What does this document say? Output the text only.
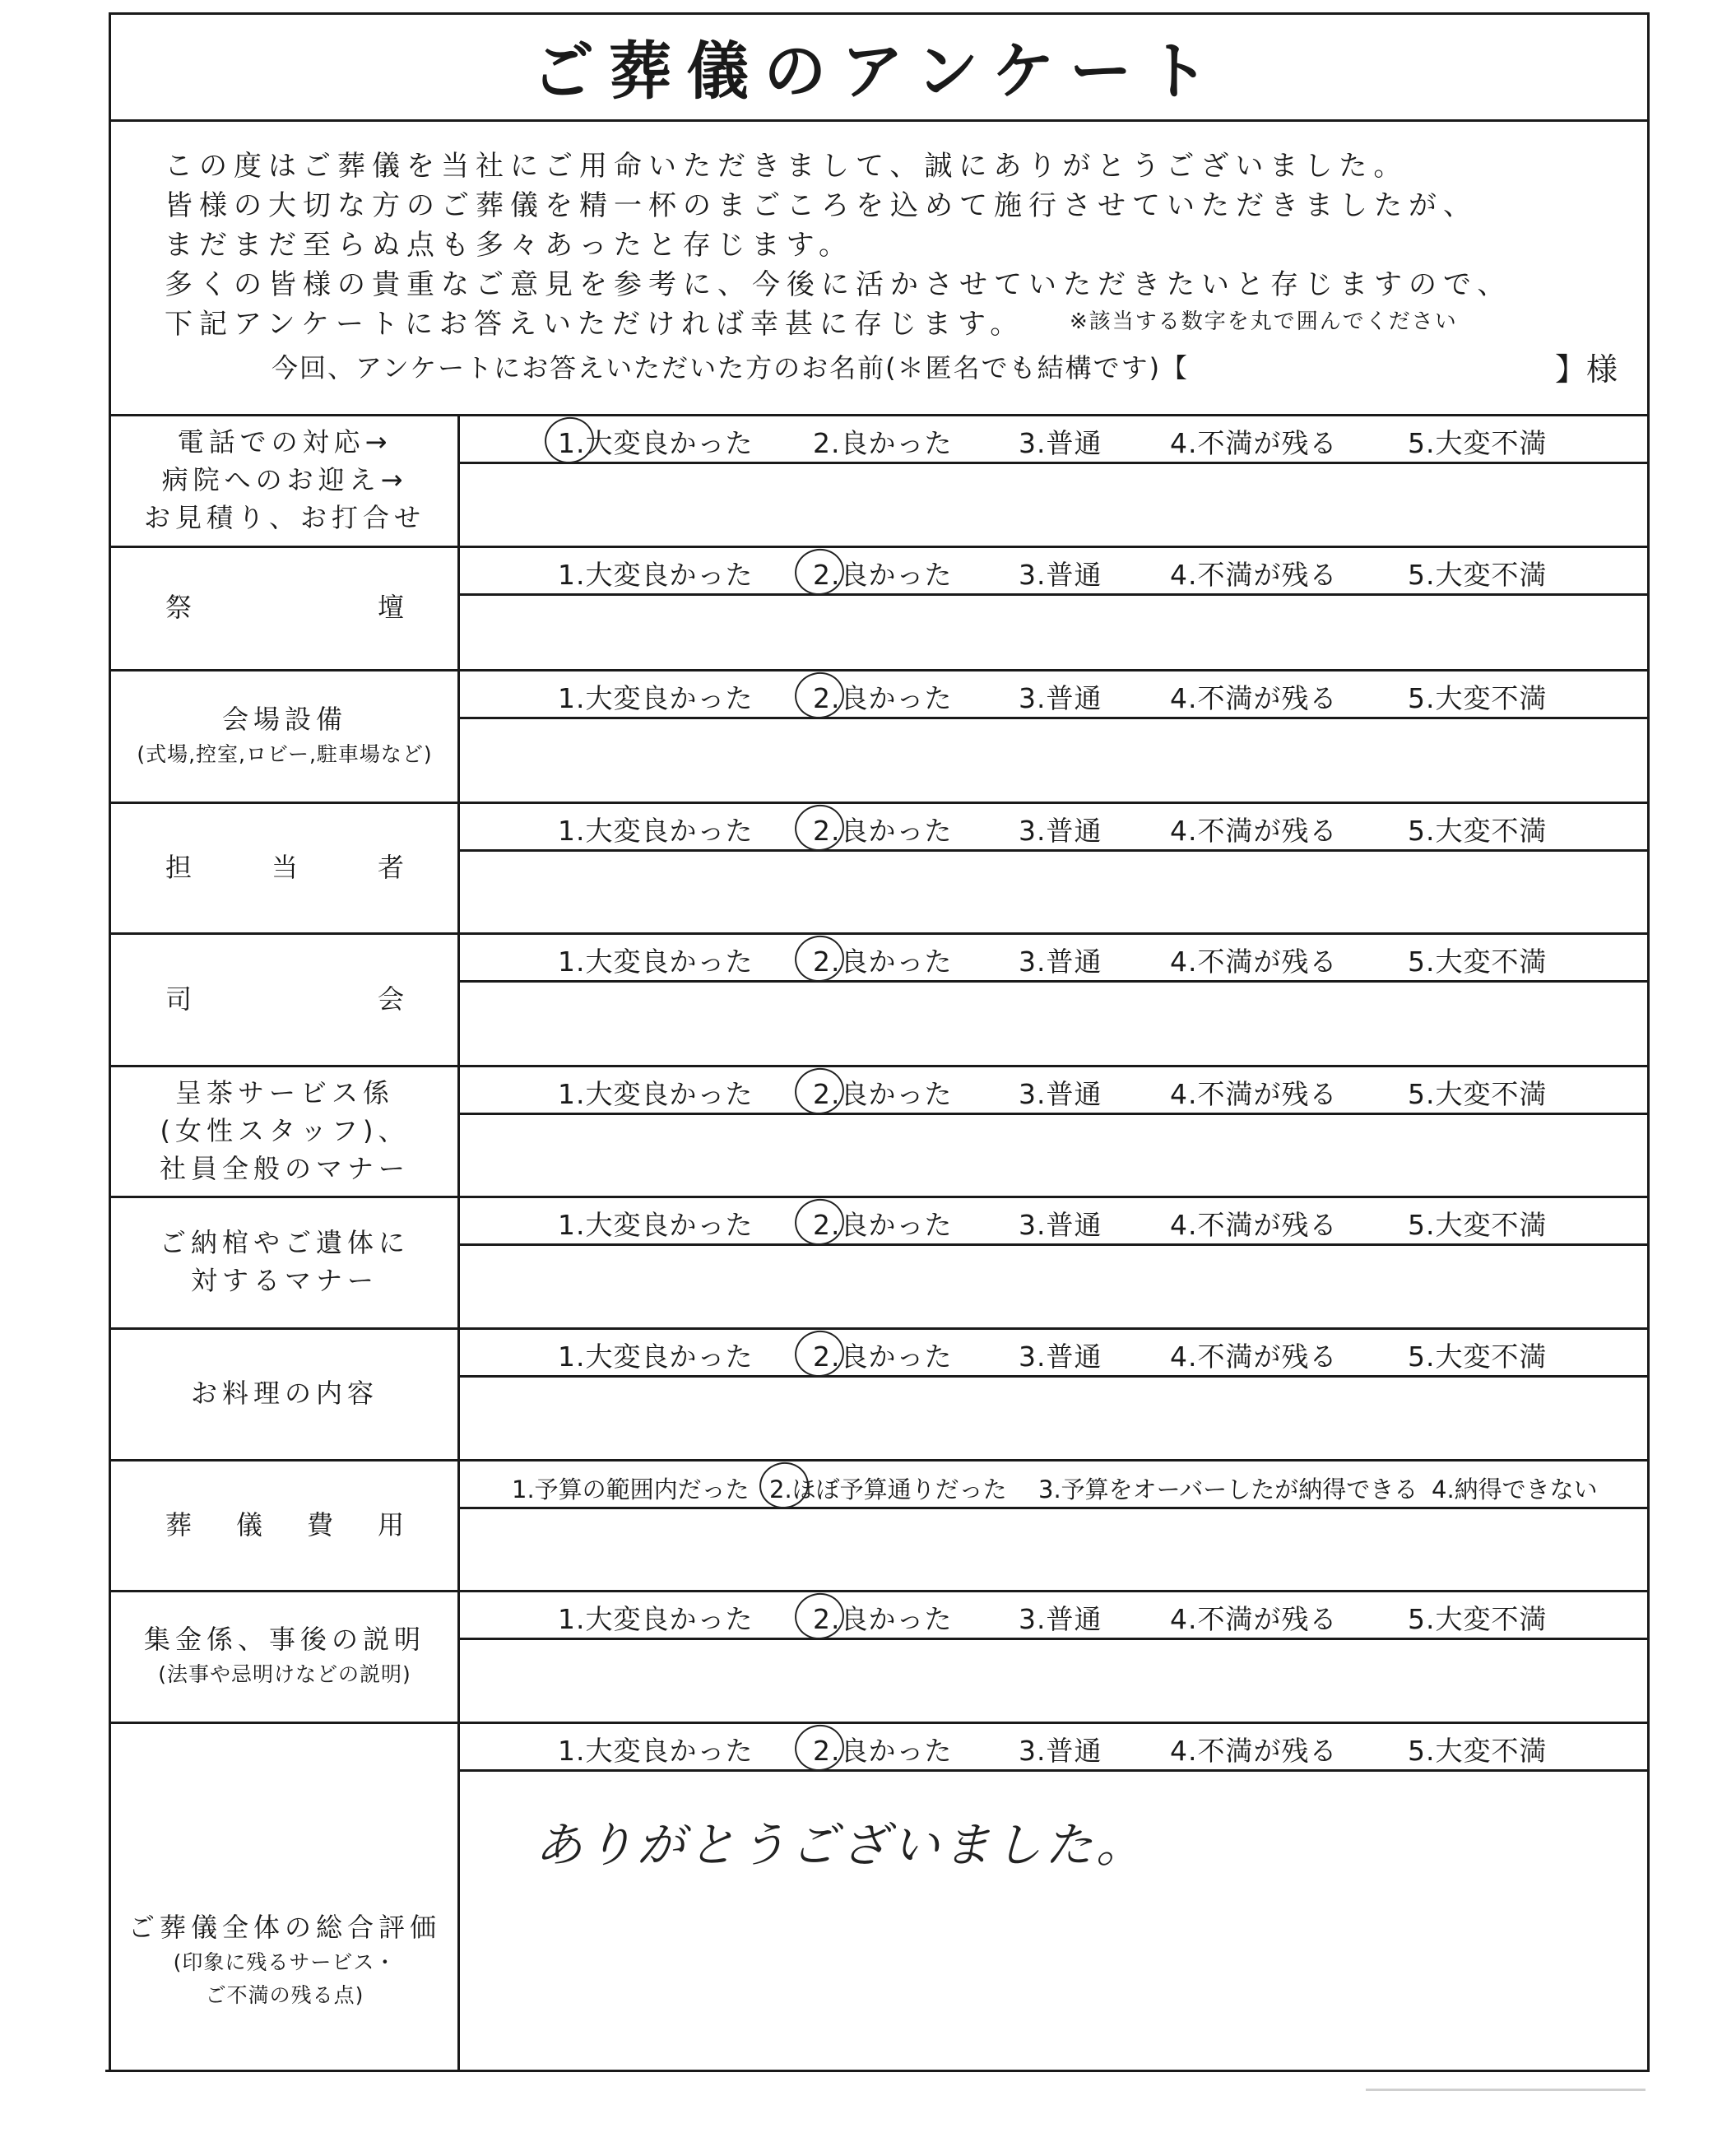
ご葬儀のアンケート
この度はご葬儀を当社にご用命いただきまして、誠にありがとうございました。
皆様の大切な方のご葬儀を精一杯のまごころを込めて施行させていただきましたが、
まだまだ至らぬ点も多々あったと存じます。
多くの皆様の貴重なご意見を参考に、今後に活かさせていただきたいと存じますので、
下記アンケートにお答えいただければ幸甚に存じます。	※該当する数字を丸で囲んでください
今回、アンケートにお答えいただいた方のお名前(＊匿名でも結構です)【	】様
電話での対応→
病院へのお迎え→
お見積り、お打合せ
1.大変良かった 2.良かった 3.普通	4.不満が残る	5.大変不満
祭	壇
1.大変良かった 2.良かった 3.普通	4.不満が残る	5.大変不満
会場設備
(式場,控室,ロビー,駐車場など)
1.大変良かった 2.良かった 3.普通	4.不満が残る	5.大変不満
担	当	者
1.大変良かった 2.良かった 3.普通	4.不満が残る	5.大変不満
司	会
1.大変良かった 2.良かった 3.普通	4.不満が残る	5.大変不満
呈茶サービス係
(女性スタッフ)、
社員全般のマナー
1.大変良かった 2.良かった 3.普通	4.不満が残る	5.大変不満
ご納棺やご遺体に
対するマナー
1.大変良かった 2.良かった 3.普通	4.不満が残る	5.大変不満
お料理の内容
1.大変良かった 2.良かった 3.普通	4.不満が残る	5.大変不満
葬 儀 費 用
1.予算の範囲内だった 2.ほぼ予算通りだった 3.予算をオーバーしたが納得できる 4.納得できない
集金係、事後の説明
(法事や忌明けなどの説明)
1.大変良かった 2.良かった 3.普通	4.不満が残る	5.大変不満
ご葬儀全体の総合評価
(印象に残るサービス・
ご不満の残る点)
1.大変良かった 2.良かった 3.普通	4.不満が残る	5.大変不満
ありがとうございました。
